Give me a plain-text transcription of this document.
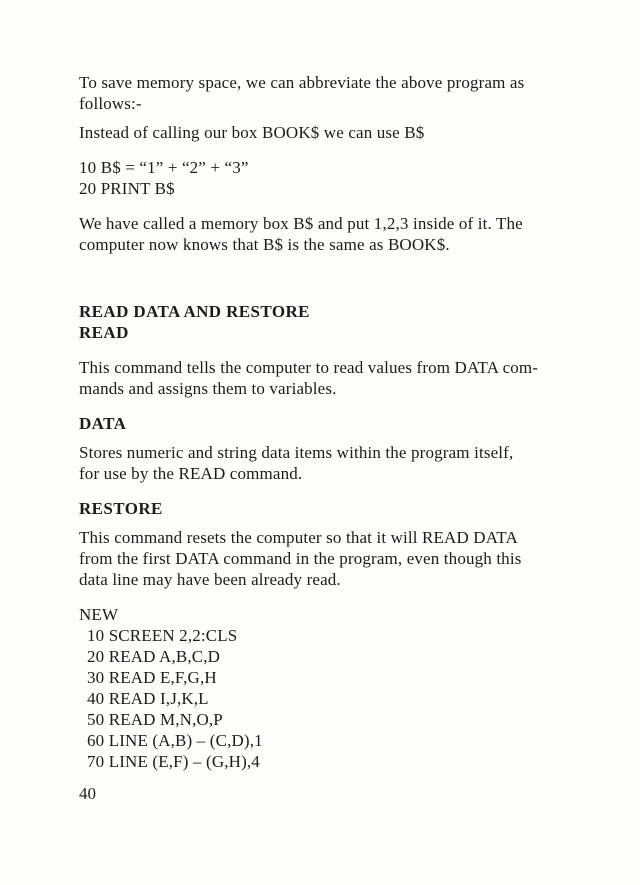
To save memory space, we can abbreviate the above program as

follows:-

Instead of calling our box BOOK$ we can use B$

10 B$ = “1” + “2” + “3”

20 PRINT B$

We have called a memory box B$ and put 1,2,3 inside of it. The

computer now knows that B$ is the same as BOOK$.

READ DATA AND RESTORE

READ

This command tells the computer to read values from DATA com-

mands and assigns them to variables.

DATA

Stores numeric and string data items within the program itself,

for use by the READ command.

RESTORE

This command resets the computer so that it will READ DATA

from the first DATA command in the program, even though this

data line may have been already read.

NEW

10 SCREEN 2,2:CLS

20 READ A,B,C,D

30 READ E,F,G,H

40 READ I,J,K,L

50 READ M,N,O,P

60 LINE (A,B) – (C,D),1

70 LINE (E,F) – (G,H),4

40
